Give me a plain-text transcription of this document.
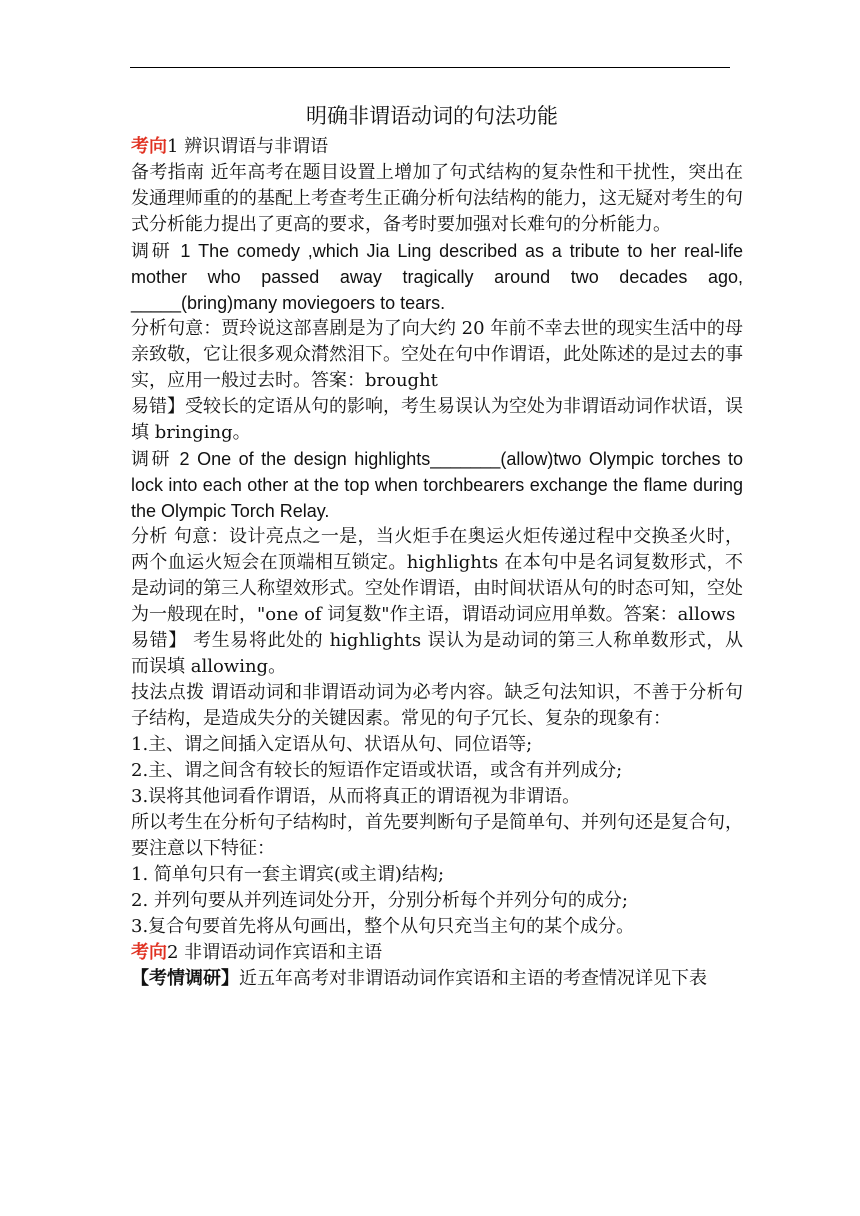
明确非谓语动词的句法功能

考向1 辨识谓语与非谓语

备考指南 近年高考在题目设置上增加了句式结构的复杂性和干扰性，突出在发通理师重的的基配上考查考生正确分析句法结构的能力，这无疑对考生的句式分析能力提出了更高的要求，备考时要加强对长难句的分析能力。

调研 1 The comedy ,which Jia Ling described as a tribute to her real-life mother who passed away tragically around two decades ago, _____(bring)many moviegoers to tears.

分析句意：贾玲说这部喜剧是为了向大约 20 年前不幸去世的现实生活中的母亲致敬，它让很多观众潸然泪下。空处在句中作谓语，此处陈述的是过去的事实，应用一般过去时。答案：brought

易错】受较长的定语从句的影响，考生易误认为空处为非谓语动词作状语，误填 bringing。

调研 2 One of the design highlights_______(allow)two Olympic torches to lock into each other at the top when torchbearers exchange the flame during the Olympic Torch Relay.

分析 句意：设计亮点之一是，当火炬手在奥运火炬传递过程中交换圣火时，两个血运火短会在顶端相互锁定。highlights 在本句中是名词复数形式，不是动词的第三人称望效形式。空处作谓语，由时间状语从句的时态可知，空处为一般现在时，"one of 词复数"作主语，谓语动词应用单数。答案：allows

易错】 考生易将此处的 highlights 误认为是动词的第三人称单数形式，从而误填 allowing。

技法点拨 谓语动词和非谓语动词为必考内容。缺乏句法知识，不善于分析句子结构，是造成失分的关键因素。常见的句子冗长、复杂的现象有：

1.主、谓之间插入定语从句、状语从句、同位语等;

2.主、谓之间含有较长的短语作定语或状语，或含有并列成分;

3.误将其他词看作谓语，从而将真正的谓语视为非谓语。

所以考生在分析句子结构时，首先要判断句子是简单句、并列句还是复合句，要注意以下特征：

1. 简单句只有一套主谓宾(或主谓)结构;

2. 并列句要从并列连词处分开，分别分析每个并列分句的成分;

3.复合句要首先将从句画出，整个从句只充当主句的某个成分。

考向2 非谓语动词作宾语和主语

【考情调研】近五年高考对非谓语动词作宾语和主语的考查情况详见下表
